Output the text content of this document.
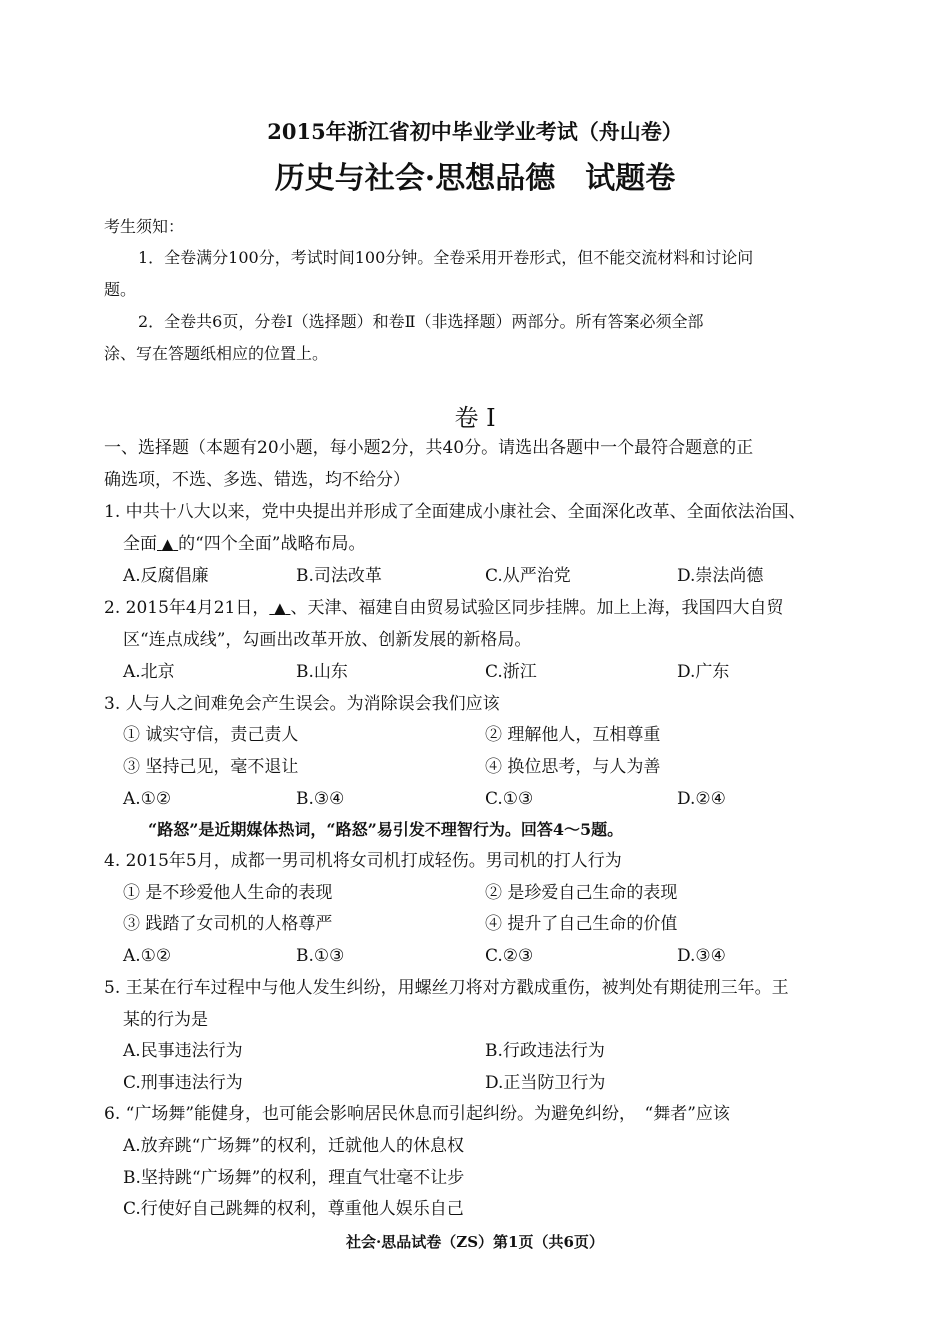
2015年浙江省初中毕业学业考试（舟山卷）
历史与社会·思想品德　试题卷
考生须知：
1．全卷满分100分，考试时间100分钟。全卷采用开卷形式，但不能交流材料和讨论问
题。
2．全卷共6页，分卷Ⅰ（选择题）和卷Ⅱ（非选择题）两部分。所有答案必须全部
涂、写在答题纸相应的位置上。
卷 Ⅰ
一、选择题（本题有20小题，每小题2分，共40分。请选出各题中一个最符合题意的正
确选项，不选、多选、错选，均不给分）
1. 中共十八大以来，党中央提出并形成了全面建成小康社会、全面深化改革、全面依法治国、
全面 ▲ 的“四个全面”战略布局。
A.反腐倡廉	B.司法改革	C.从严治党	D.崇法尚德
2. 2015年4月21日， ▲ 、天津、福建自由贸易试验区同步挂牌。加上上海，我国四大自贸
区“连点成线”，勾画出改革开放、创新发展的新格局。
A.北京	B.山东	C.浙江	D.广东
3. 人与人之间难免会产生误会。为消除误会我们应该
① 诚实守信，责己责人	② 理解他人，互相尊重
③ 坚持己见，毫不退让	④ 换位思考，与人为善
A.①②	B.③④	C.①③	D.②④
“路怒”是近期媒体热词，“路怒”易引发不理智行为。回答4～5题。
4. 2015年5月，成都一男司机将女司机打成轻伤。男司机的打人行为
① 是不珍爱他人生命的表现	② 是珍爱自己生命的表现
③ 践踏了女司机的人格尊严	④ 提升了自己生命的价值
A.①②	B.①③	C.②③	D.③④
5. 王某在行车过程中与他人发生纠纷，用螺丝刀将对方戳成重伤，被判处有期徒刑三年。王
某的行为是
A.民事违法行为	B.行政违法行为
C.刑事违法行为	D.正当防卫行为
6. “广场舞”能健身，也可能会影响居民休息而引起纠纷。为避免纠纷，　“舞者”应该
A.放弃跳“广场舞”的权利，迁就他人的休息权
B.坚持跳“广场舞”的权利，理直气壮毫不让步
C.行使好自己跳舞的权利，尊重他人娱乐自己
社会·思品试卷（ZS）第1页（共6页）
